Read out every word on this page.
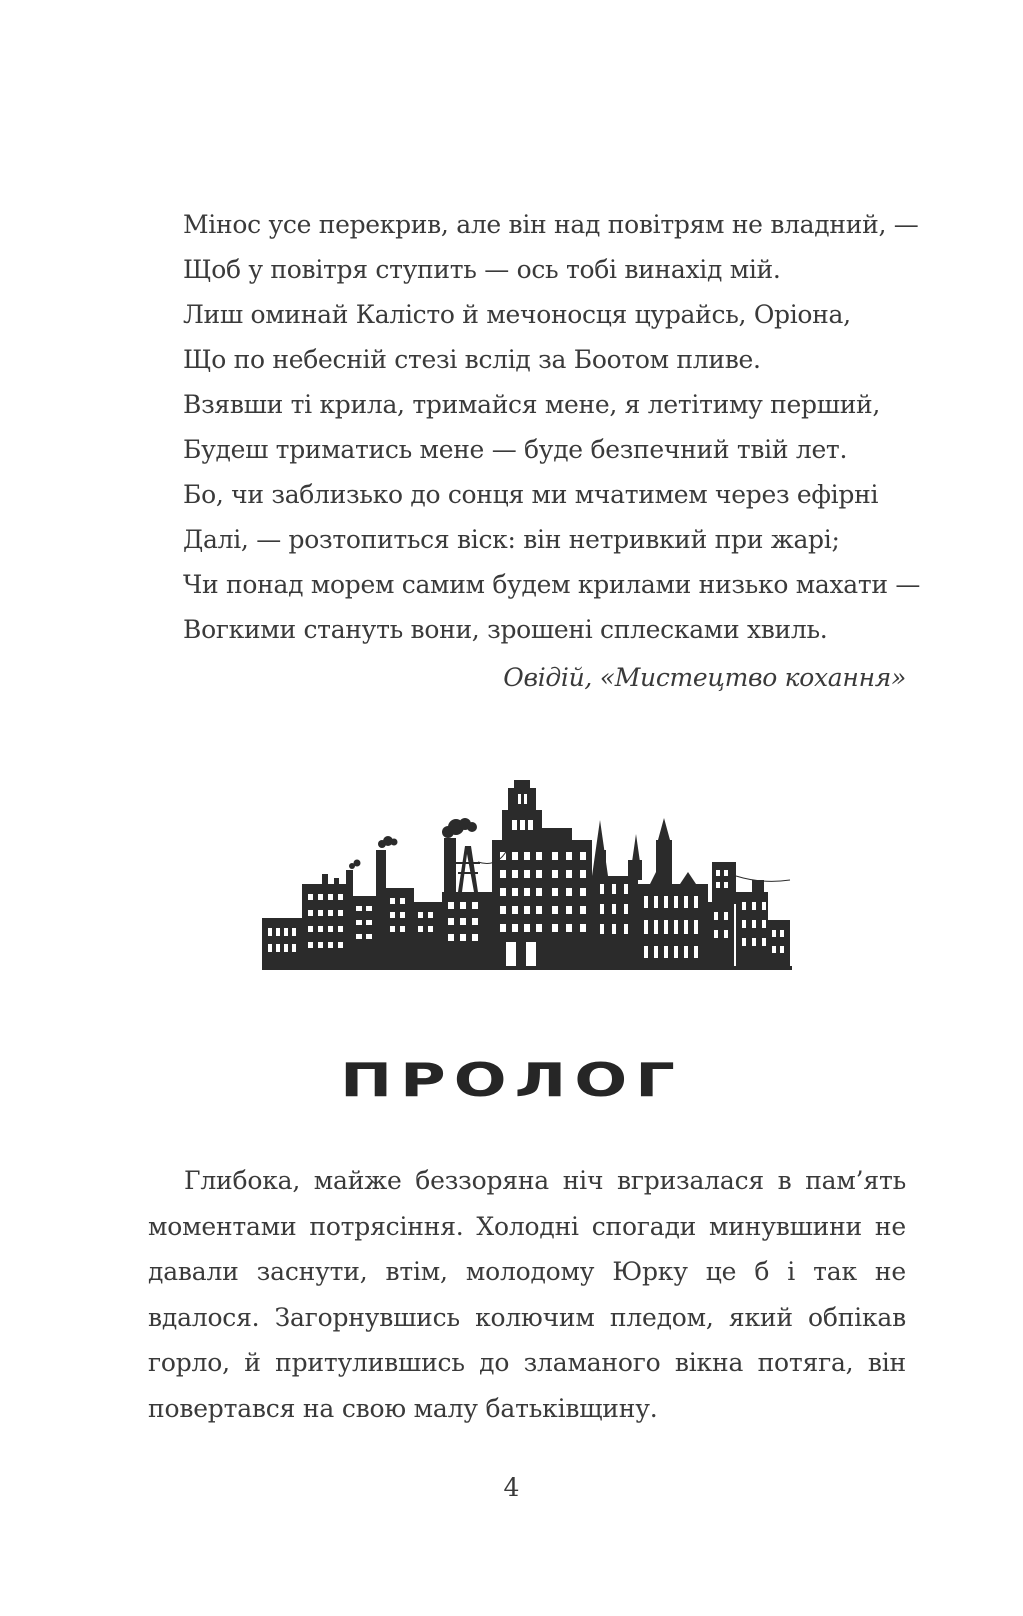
Мінос усе перекрив, але він над повітрям не владний, —
Щоб у повітря ступить — ось тобі винахід мій.
Лиш оминай Калісто й мечоносця цурайсь, Оріона,
Що по небесній стезі вслід за Боотом пливе.
Взявши ті крила, тримайся мене, я летітиму перший,
Будеш триматись мене — буде безпечний твій лет.
Бо, чи заблизько до сонця ми мчатимем через ефірні
Далі, — розтопиться віск: він нетривкий при жарі;
Чи понад морем самим будем крилами низько махати —
Вогкими стануть вони, зрошені сплесками хвиль.
Овідій, «Мистецтво кохання»
ПРОЛОГ

Глибока, майже беззоряна ніч вгризалася в пам’ять моментами потрясіння. Холодні спогади минувшини не давали заснути, втім, молодому Юрку це б і так не вдалося. Загорнувшись колючим пледом, який обпікав горло, й притулившись до зламаного вікна потяга, він повертався на свою малу батьківщину.

4
